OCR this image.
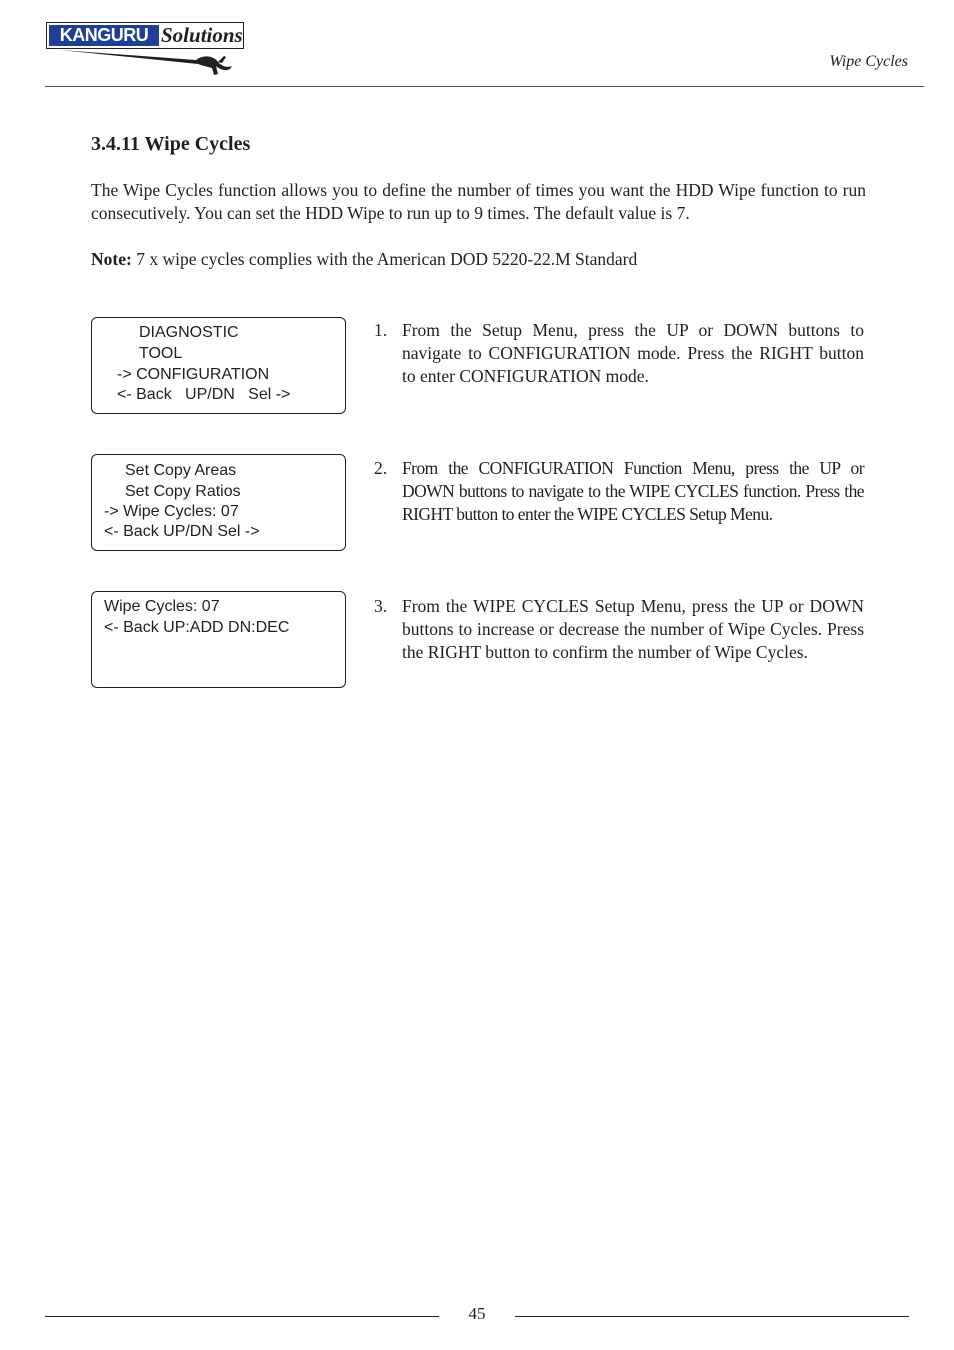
KANGURU Solutions
Wipe Cycles
3.4.11 Wipe Cycles

The Wipe Cycles function allows you to define the number of times you want the HDD Wipe function to run consecutively. You can set the HDD Wipe to run up to 9 times. The default value is 7.

Note: 7 x wipe cycles complies with the American DOD 5220-22.M Standard

DIAGNOSTIC
TOOL
-> CONFIGURATION
<- Back   UP/DN   Sel ->
Set Copy Areas
Set Copy Ratios
-> Wipe Cycles: 07
<- Back UP/DN Sel ->
Wipe Cycles: 07
<- Back UP:ADD DN:DEC
1. From the Setup Menu, press the UP or DOWN buttons to navigate to CONFIGURATION mode. Press the RIGHT button to enter CONFIGURATION mode.

2. From the CONFIGURATION Function Menu, press the UP or DOWN buttons to navigate to the WIPE CYCLES function. Press the RIGHT button to enter the WIPE CYCLES Setup Menu.

3. From the WIPE CYCLES Setup Menu, press the UP or DOWN buttons to increase or decrease the number of Wipe Cycles. Press the RIGHT button to confirm the number of Wipe Cycles.

45
